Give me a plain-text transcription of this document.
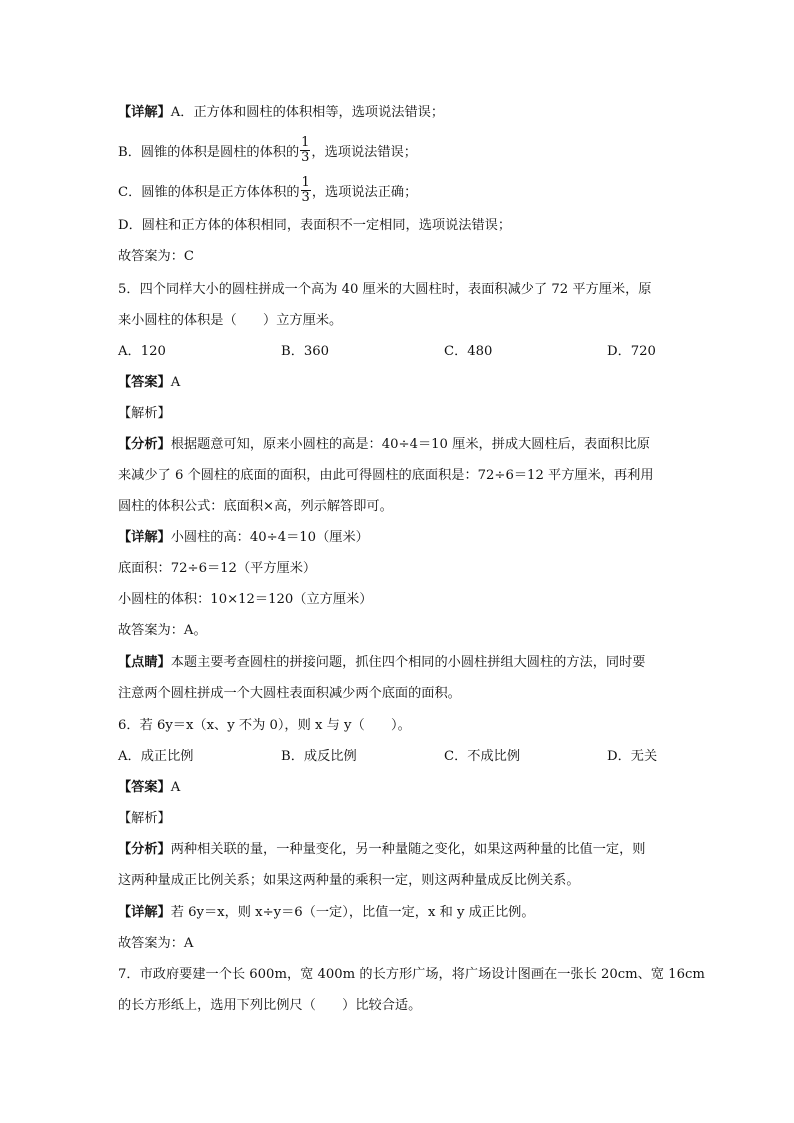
【详解】A．正方体和圆柱的体积相等，选项说法错误；
B．圆锥的体积是圆柱的体积的 $\frac{1}{3}$ ，选项说法错误；
C．圆锥的体积是正方体体积的 $\frac{1}{3}$ ，选项说法正确；
D．圆柱和正方体的体积相同，表面积不一定相同，选项说法错误；
故答案为：C
5．四个同样大小的圆柱拼成一个高为 40 厘米的大圆柱时，表面积减少了 72 平方厘米，原
来小圆柱的体积是（　　）立方厘米。
A．120	B．360	C．480	D．720
【答案】A
【解析】
【分析】根据题意可知，原来小圆柱的高是：40÷4＝10 厘米，拼成大圆柱后，表面积比原
来减少了 6 个圆柱的底面的面积，由此可得圆柱的底面积是：72÷6＝12 平方厘米，再利用
圆柱的体积公式：底面积×高，列示解答即可。
【详解】小圆柱的高：40÷4＝10（厘米）
底面积：72÷6＝12（平方厘米）
小圆柱的体积：10×12＝120（立方厘米）
故答案为：A。
【点睛】本题主要考查圆柱的拼接问题，抓住四个相同的小圆柱拼组大圆柱的方法，同时要
注意两个圆柱拼成一个大圆柱表面积减少两个底面的面积。
6．若 6y＝x（x、y 不为 0），则 x 与 y（　　）。
A．成正比例	B．成反比例	C．不成比例	D．无关
【答案】A
【解析】
【分析】两种相关联的量，一种量变化，另一种量随之变化，如果这两种量的比值一定，则
这两种量成正比例关系；如果这两种量的乘积一定，则这两种量成反比例关系。
【详解】若 6y＝x，则 x÷y＝6（一定），比值一定，x 和 y 成正比例。
故答案为：A
7．市政府要建一个长 600m，宽 400m 的长方形广场，将广场设计图画在一张长 20cm、宽 16cm
的长方形纸上，选用下列比例尺（　　）比较合适。
